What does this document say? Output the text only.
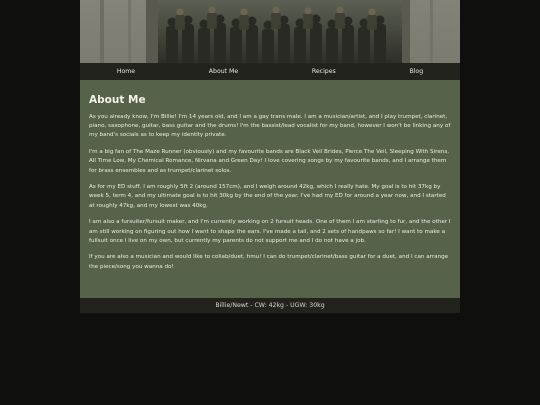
Home	About Me	Recipes	Blog
About Me

As you already know, I'm Billie! I'm 14 years old, and I am a gay trans male. I am a musician/artist, and I play trumpet, clarinet, piano, saxophone, guitar, bass guitar and the drums! I'm the bassist/lead vocalist for my band, however I won't be linking any of my band's socials as to keep my identity private.

I'm a big fan of The Maze Runner (obviously) and my favourite bands are Black Veil Brides, Pierce The Veil, Sleeping With Sirens, All Time Low, My Chemical Romance, Nirvana and Green Day! I love covering songs by my favourite bands, and I arrange them for brass ensembles and as trumpet/clarinet solos.

As for my ED stuff, I am roughly 5ft 2 (around 157cm), and I weigh around 42kg, which I really hate. My goal is to hit 37kg by week 5, term 4, and my ultimate goal is to hit 30kg by the end of the year. I've had my ED for around a year now, and I started at roughly 47kg, and my lowest was 40kg.

I am also a fursuiter/fursuit maker, and I'm currently working on 2 fursuit heads. One of them I am starting to fur, and the other I am still working on figuring out how I want to shape the ears. I've made a tail, and 2 sets of handpaws so far! I want to make a fullsuit once I live on my own, but currently my parents do not support me and I do not have a job.

If you are also a musician and would like to collab/duet, hmu! I can do trumpet/clarinet/bass guitar for a duet, and I can arrange the piece/song you wanna do!

Billie/Newt - CW: 42kg - UGW: 30kg
